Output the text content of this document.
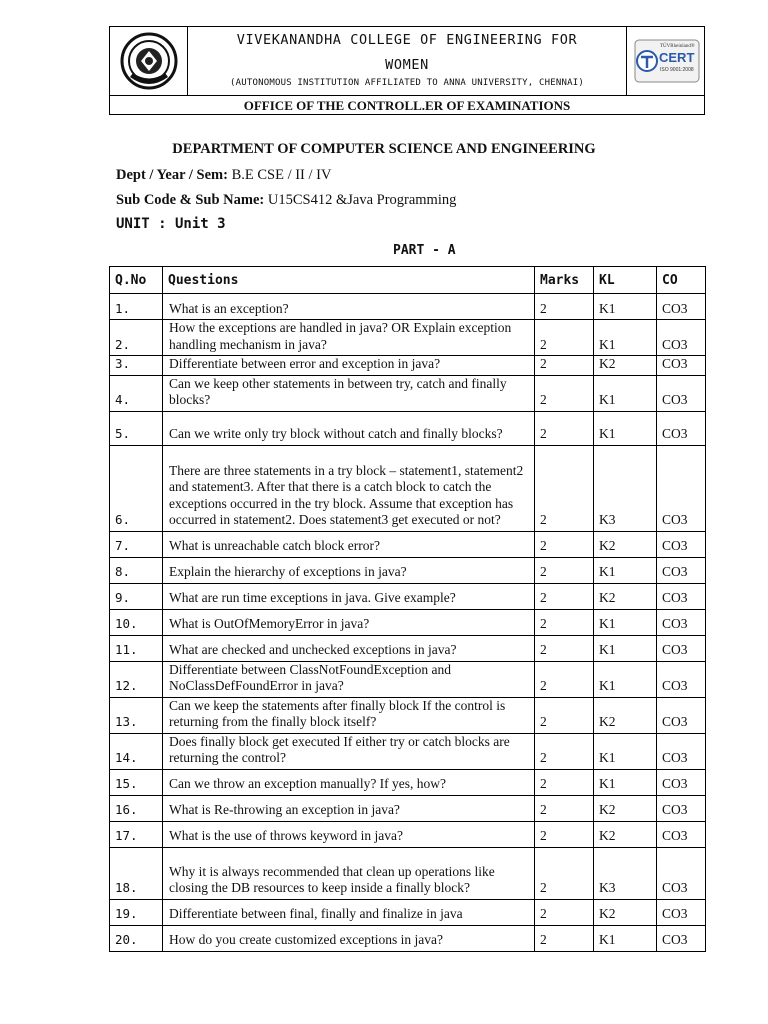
VIVEKANANDHA COLLEGE OF ENGINEERING FOR
WOMEN
(AUTONOMOUS INSTITUTION AFFILIATED TO ANNA UNIVERSITY, CHENNAI)
TÜVRheinland®
CERT
ISO 9001:2008
OFFICE OF THE CONTROLL.ER OF EXAMINATIONS
DEPARTMENT OF COMPUTER SCIENCE AND ENGINEERING
Dept / Year / Sem: B.E CSE / II / IV
Sub Code & Sub Name: U15CS412 &Java Programming
UNIT : Unit 3
PART - A
Q.No	Questions	Marks	KL	CO
1.	What is an exception?	2	K1	CO3
2.	How the exceptions are handled in java? OR Explain exception handling mechanism in java?	2	K1	CO3
3.	Differentiate between error and exception in java?	2	K2	CO3
4.	Can we keep other statements in between try, catch and finally blocks?	2	K1	CO3
5.	Can we write only try block without catch and finally blocks?	2	K1	CO3
6.	There are three statements in a try block – statement1, statement2 and statement3. After that there is a catch block to catch the exceptions occurred in the try block. Assume that exception has occurred in statement2. Does statement3 get executed or not?	2	K3	CO3
7.	What is unreachable catch block error?	2	K2	CO3
8.	Explain the hierarchy of exceptions in java?	2	K1	CO3
9.	What are run time exceptions in java. Give example?	2	K2	CO3
10.	What is OutOfMemoryError in java?	2	K1	CO3
11.	What are checked and unchecked exceptions in java?	2	K1	CO3
12.	Differentiate between ClassNotFoundException and NoClassDefFoundError in java?	2	K1	CO3
13.	Can we keep the statements after finally block If the control is returning from the finally block itself?	2	K2	CO3
14.	Does finally block get executed If either try or catch blocks are returning the control?	2	K1	CO3
15.	Can we throw an exception manually? If yes, how?	2	K1	CO3
16.	What is Re-throwing an exception in java?	2	K2	CO3
17.	What is the use of throws keyword in java?	2	K2	CO3
18.	Why it is always recommended that clean up operations like closing the DB resources to keep inside a finally block?	2	K3	CO3
19.	Differentiate between final, finally and finalize in java	2	K2	CO3
20.	How do you create customized exceptions in java?	2	K1	CO3
